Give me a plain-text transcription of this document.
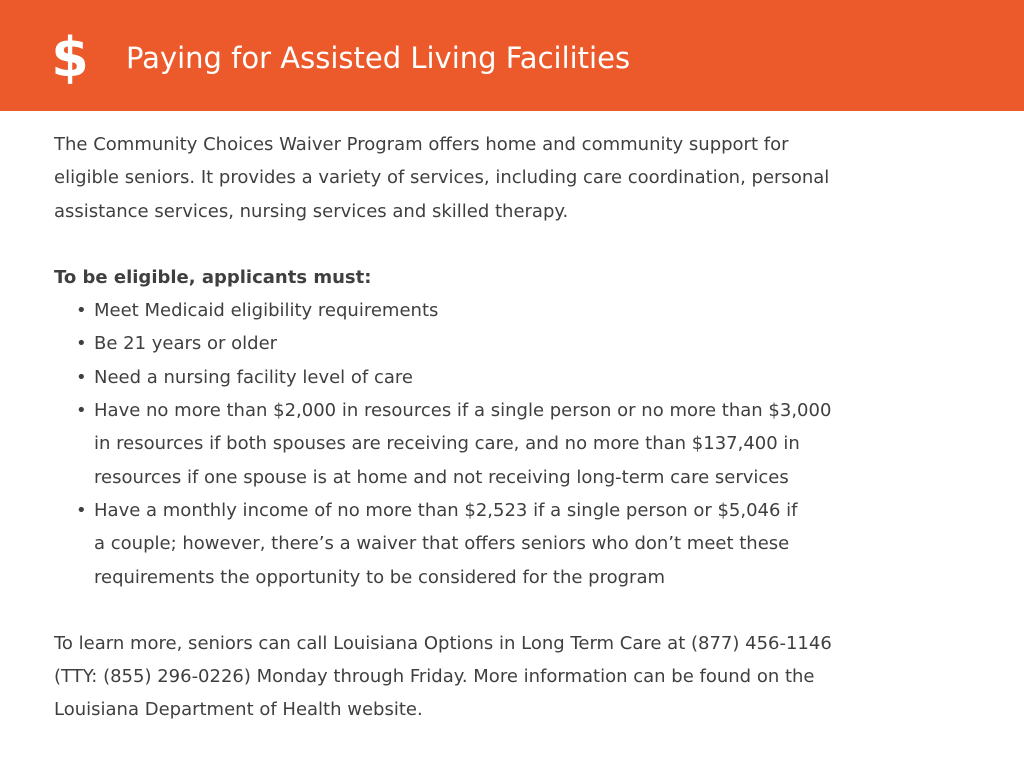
$ Paying for Assisted Living Facilities

The Community Choices Waiver Program offers home and community support for
eligible seniors. It provides a variety of services, including care coordination, personal
assistance services, nursing services and skilled therapy.

To be eligible, applicants must:

• Meet Medicaid eligibility requirements
• Be 21 years or older
• Need a nursing facility level of care
• Have no more than $2,000 in resources if a single person or no more than $3,000
in resources if both spouses are receiving care, and no more than $137,400 in
resources if one spouse is at home and not receiving long-term care services
• Have a monthly income of no more than $2,523 if a single person or $5,046 if
a couple; however, there’s a waiver that offers seniors who don’t meet these
requirements the opportunity to be considered for the program

To learn more, seniors can call Louisiana Options in Long Term Care at (877) 456-1146
(TTY: (855) 296-0226) Monday through Friday. More information can be found on the
Louisiana Department of Health website.
